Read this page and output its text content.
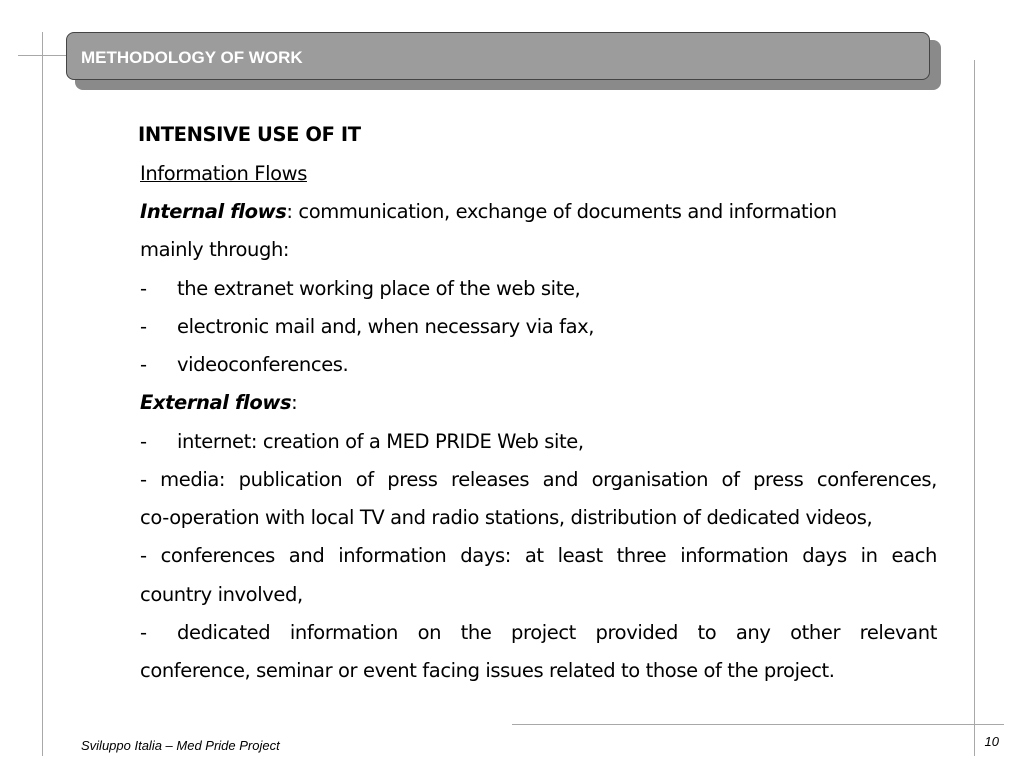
METHODOLOGY OF WORK
INTENSIVE USE OF IT
Information Flows
Internal flows: communication, exchange of documents and information
mainly through:
- the extranet working place of the web site,
- electronic mail and, when necessary via fax,
- videoconferences.
External flows:
- internet: creation of a MED PRIDE Web site,
- media: publication of press releases and organisation of press conferences,
co-operation with local TV and radio stations, distribution of dedicated videos,
- conferences and information days: at least three information days in each
country involved,
- dedicated information on the project provided to any other relevant
conference, seminar or event facing issues related to those of the project.
Sviluppo Italia – Med Pride Project	10
